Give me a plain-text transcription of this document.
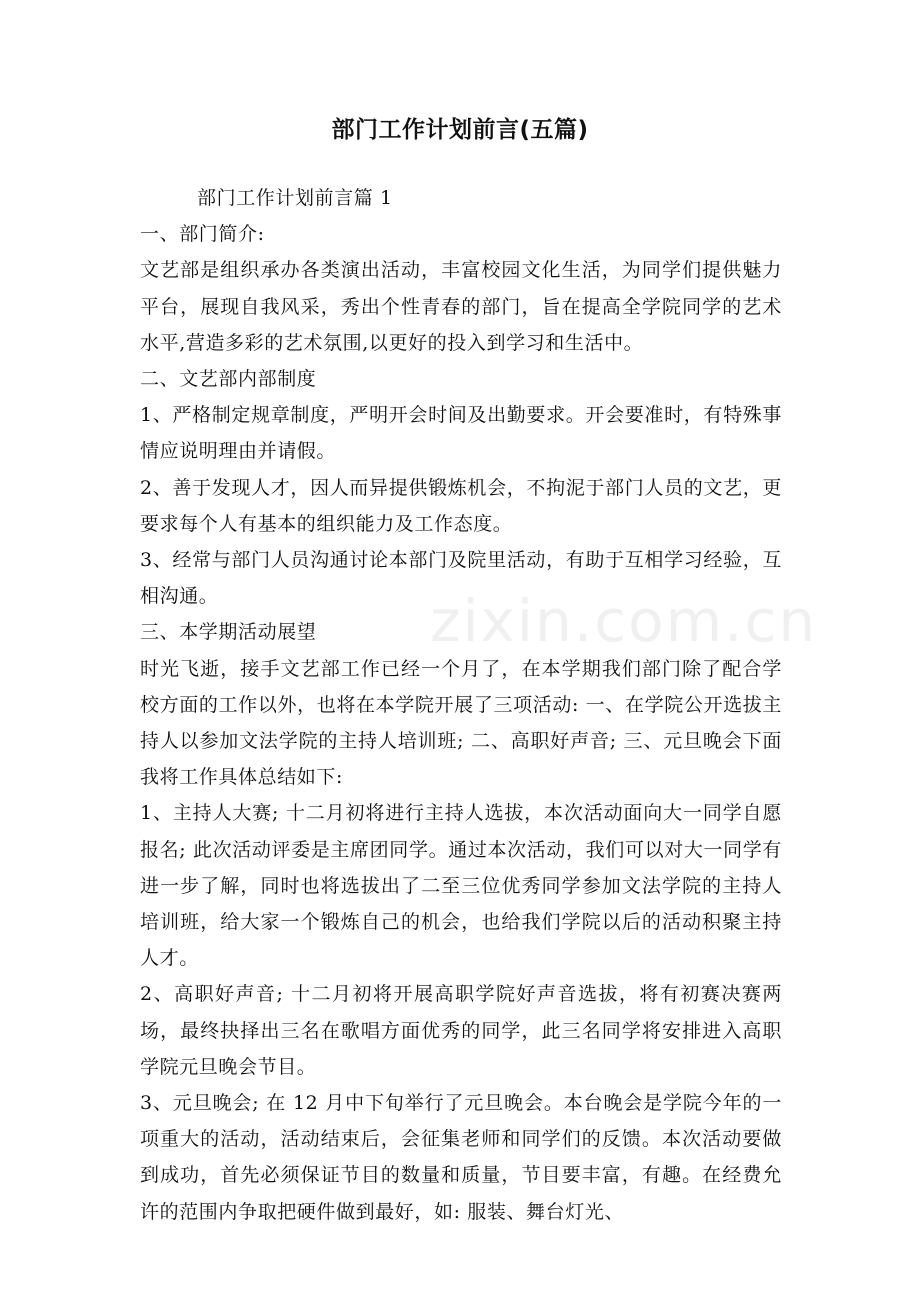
部门工作计划前言(五篇)

部门工作计划前言篇 1

一、部门简介:

文艺部是组织承办各类演出活动，丰富校园文化生活，为同学们提供魅力平台，展现自我风采，秀出个性青春的部门，旨在提高全学院同学的艺术水平,营造多彩的艺术氛围,以更好的投入到学习和生活中。

二、文艺部内部制度

1、严格制定规章制度，严明开会时间及出勤要求。开会要准时，有特殊事情应说明理由并请假。

2、善于发现人才，因人而异提供锻炼机会，不拘泥于部门人员的文艺，更要求每个人有基本的组织能力及工作态度。

3、经常与部门人员沟通讨论本部门及院里活动，有助于互相学习经验，互相沟通。

三、本学期活动展望

时光飞逝，接手文艺部工作已经一个月了，在本学期我们部门除了配合学校方面的工作以外，也将在本学院开展了三项活动: 一、在学院公开选拔主持人以参加文法学院的主持人培训班; 二、高职好声音; 三、元旦晚会下面我将工作具体总结如下:

1、主持人大赛; 十二月初将进行主持人选拔，本次活动面向大一同学自愿报名; 此次活动评委是主席团同学。通过本次活动，我们可以对大一同学有进一步了解，同时也将选拔出了二至三位优秀同学参加文法学院的主持人培训班，给大家一个锻炼自己的机会，也给我们学院以后的活动积聚主持人才。

2、高职好声音; 十二月初将开展高职学院好声音选拔，将有初赛决赛两场，最终抉择出三名在歌唱方面优秀的同学，此三名同学将安排进入高职学院元旦晚会节目。

3、元旦晚会; 在 12 月中下旬举行了元旦晚会。本台晚会是学院今年的一项重大的活动，活动结束后，会征集老师和同学们的反馈。本次活动要做到成功，首先必须保证节目的数量和质量，节目要丰富，有趣。在经费允许的范围内争取把硬件做到最好，如: 服装、舞台灯光、

zixin.com.cn
